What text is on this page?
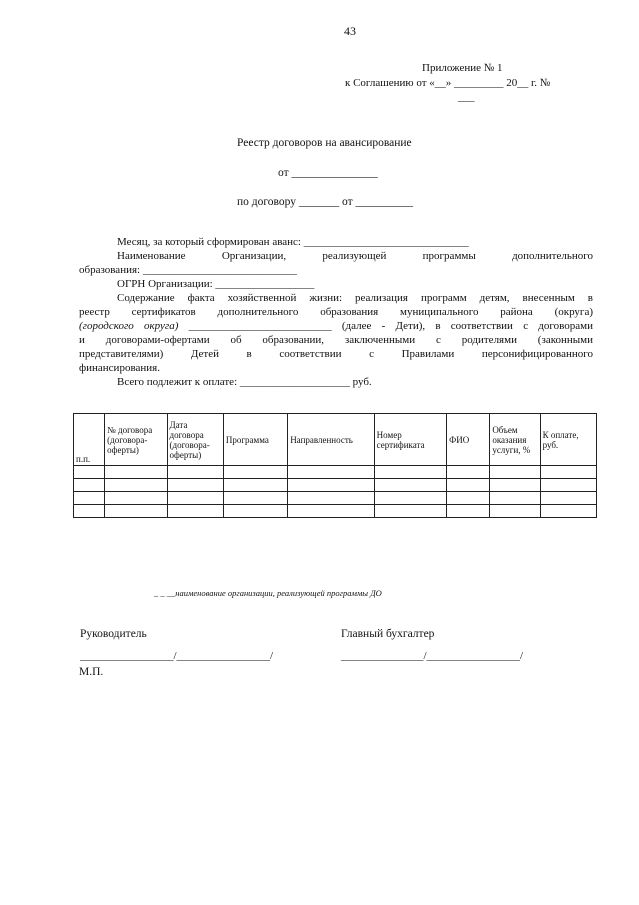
43
Приложение № 1
к Соглашению от «__» _________ 20__ г. №
___
Реестр договоров на авансирование
от _______________
по договору _______ от __________
Месяц, за который сформирован аванс: ______________________________
Наименование Организации, реализующей программы дополнительного
образования: ____________________________
ОГРН Организации: __________________
Содержание факта хозяйственной жизни: реализация программ детям, внесенным в
реестр сертификатов дополнительного образования муниципального района (округа)
(городского округа) __________________________ (далее - Дети), в соответствии с договорами
и договорами-офертами об образовании, заключенными с родителями (законными
представителями) Детей в соответствии с Правилами персонифицированного
финансирования.
Всего подлежит к оплате: ____________________ руб.
п.п.	№ договора (договора-оферты)	Дата договора (договора-оферты)	Программа	Направленность	Номер сертификата	ФИО	Объем оказания услуги, %	К оплате, руб.

_ _ __наименование организации, реализующей программы ДО
Руководитель	Главный бухгалтер
_________________/_________________/	_______________/_________________/
М.П.
